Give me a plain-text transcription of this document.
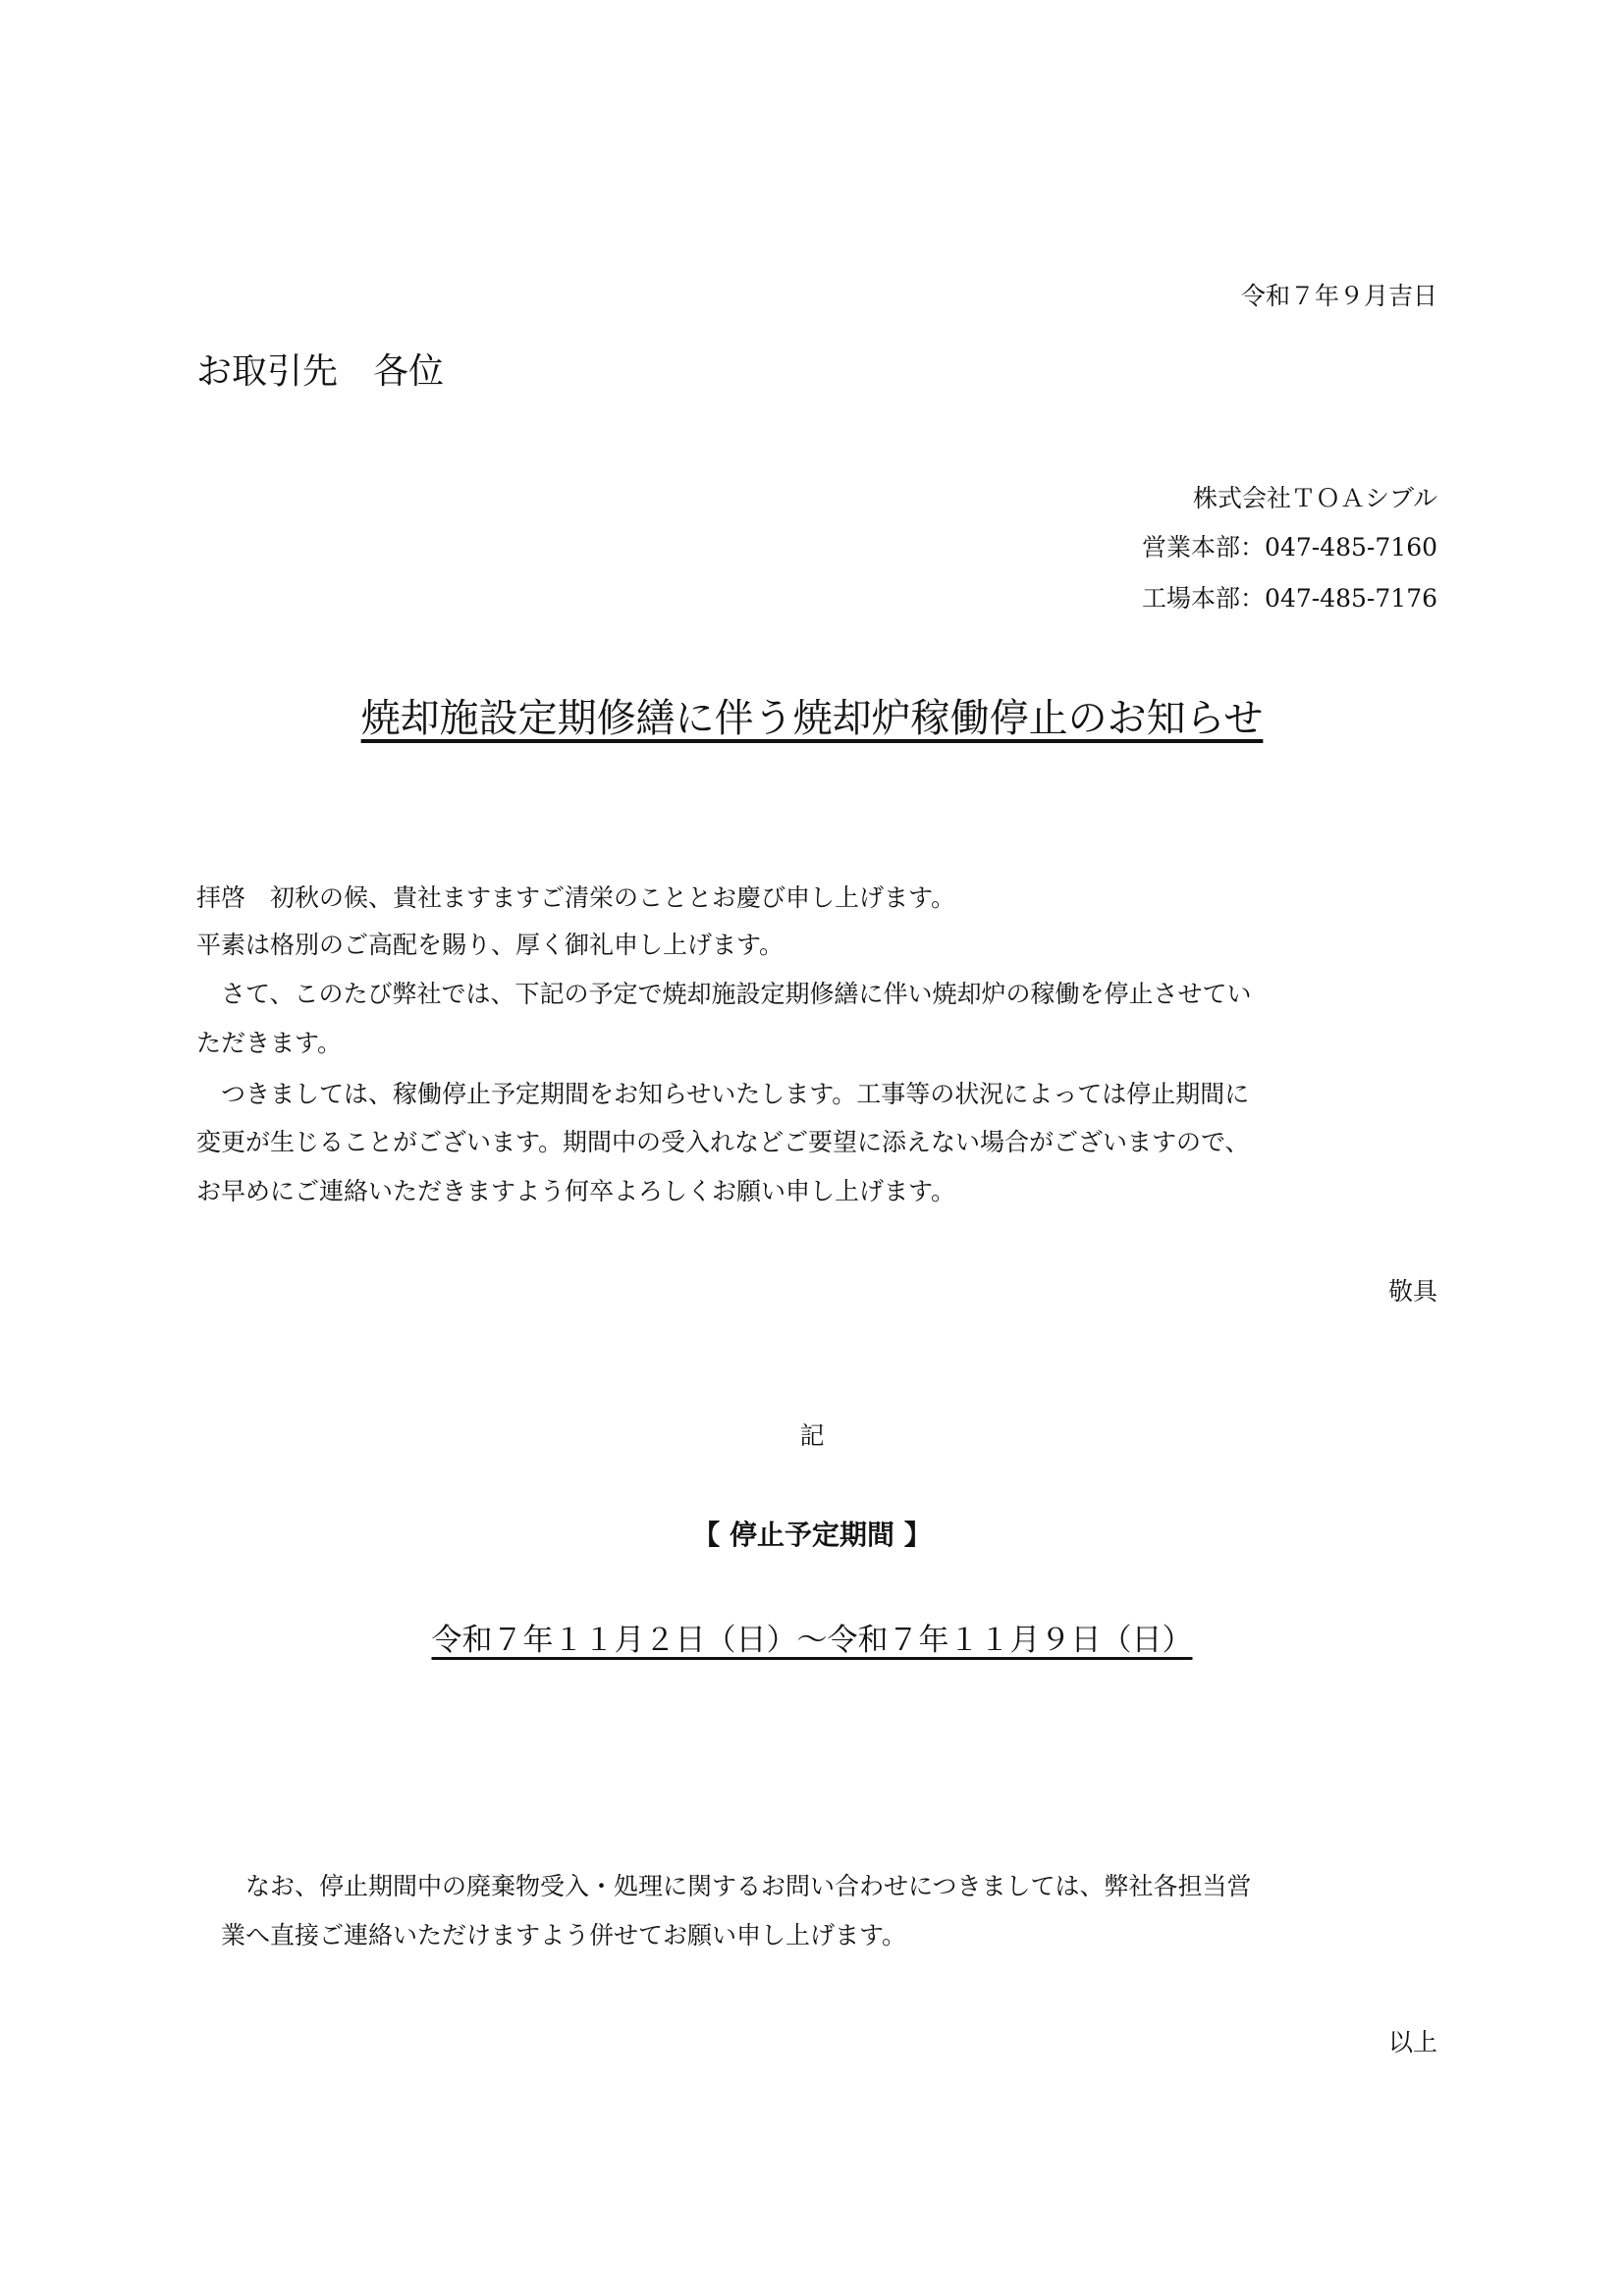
令和７年９月吉日
お取引先　各位
株式会社ＴＯＡシブル
営業本部：047-485-7160
工場本部：047-485-7176
焼却施設定期修繕に伴う焼却炉稼働停止のお知らせ
拝啓　初秋の候、貴社ますますご清栄のこととお慶び申し上げます。
平素は格別のご高配を賜り、厚く御礼申し上げます。
　さて、このたび弊社では、下記の予定で焼却施設定期修繕に伴い焼却炉の稼働を停止させてい
ただきます。
　つきましては、稼働停止予定期間をお知らせいたします。工事等の状況によっては停止期間に
変更が生じることがございます。期間中の受入れなどご要望に添えない場合がございますので、
お早めにご連絡いただきますよう何卒よろしくお願い申し上げます。
敬具
記
【 停止予定期間 】
令和７年１１月２日（日）～令和７年１１月９日（日）
なお、停止期間中の廃棄物受入・処理に関するお問い合わせにつきましては、弊社各担当営
業へ直接ご連絡いただけますよう併せてお願い申し上げます。
以上
